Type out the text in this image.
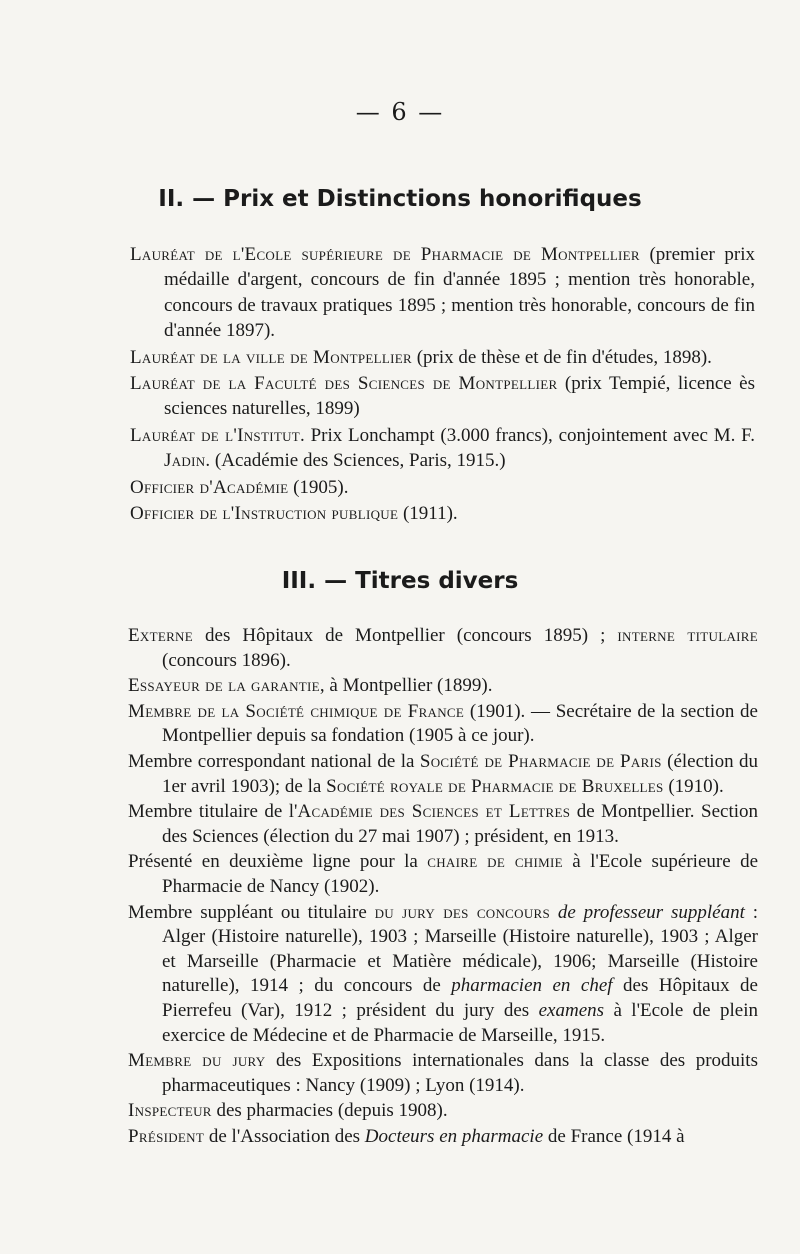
— 6 —
II. — Prix et Distinctions honorifiques

Lauréat de l'Ecole supérieure de Pharmacie de Montpellier (premier prix médaille d'argent, concours de fin d'année 1895 ; mention très honorable, concours de travaux pratiques 1895 ; mention très honorable, concours de fin d'année 1897).

Lauréat de la ville de Montpellier (prix de thèse et de fin d'études, 1898).

Lauréat de la Faculté des Sciences de Montpellier (prix Tempié, licence ès sciences naturelles, 1899)

Lauréat de l'Institut. Prix Lonchampt (3.000 francs), conjointement avec M. F. Jadin. (Académie des Sciences, Paris, 1915.)

Officier d'Académie (1905).

Officier de l'Instruction publique (1911).

III. — Titres divers

Externe des Hôpitaux de Montpellier (concours 1895) ; interne titulaire (concours 1896).

Essayeur de la garantie, à Montpellier (1899).

Membre de la Société chimique de France (1901). — Secrétaire de la section de Montpellier depuis sa fondation (1905 à ce jour).

Membre correspondant national de la Société de Pharmacie de Paris (élection du 1er avril 1903); de la Société royale de Pharmacie de Bruxelles (1910).

Membre titulaire de l'Académie des Sciences et Lettres de Montpellier. Section des Sciences (élection du 27 mai 1907) ; président, en 1913.

Présenté en deuxième ligne pour la chaire de chimie à l'Ecole supérieure de Pharmacie de Nancy (1902).

Membre suppléant ou titulaire du jury des concours de professeur suppléant : Alger (Histoire naturelle), 1903 ; Marseille (Histoire naturelle), 1903 ; Alger et Marseille (Pharmacie et Matière médicale), 1906; Marseille (Histoire naturelle), 1914 ; du concours de pharmacien en chef des Hôpitaux de Pierrefeu (Var), 1912 ; président du jury des examens à l'Ecole de plein exercice de Médecine et de Pharmacie de Marseille, 1915.

Membre du jury des Expositions internationales dans la classe des produits pharmaceutiques : Nancy (1909) ; Lyon (1914).

Inspecteur des pharmacies (depuis 1908).

Président de l'Association des Docteurs en pharmacie de France (1914 à
